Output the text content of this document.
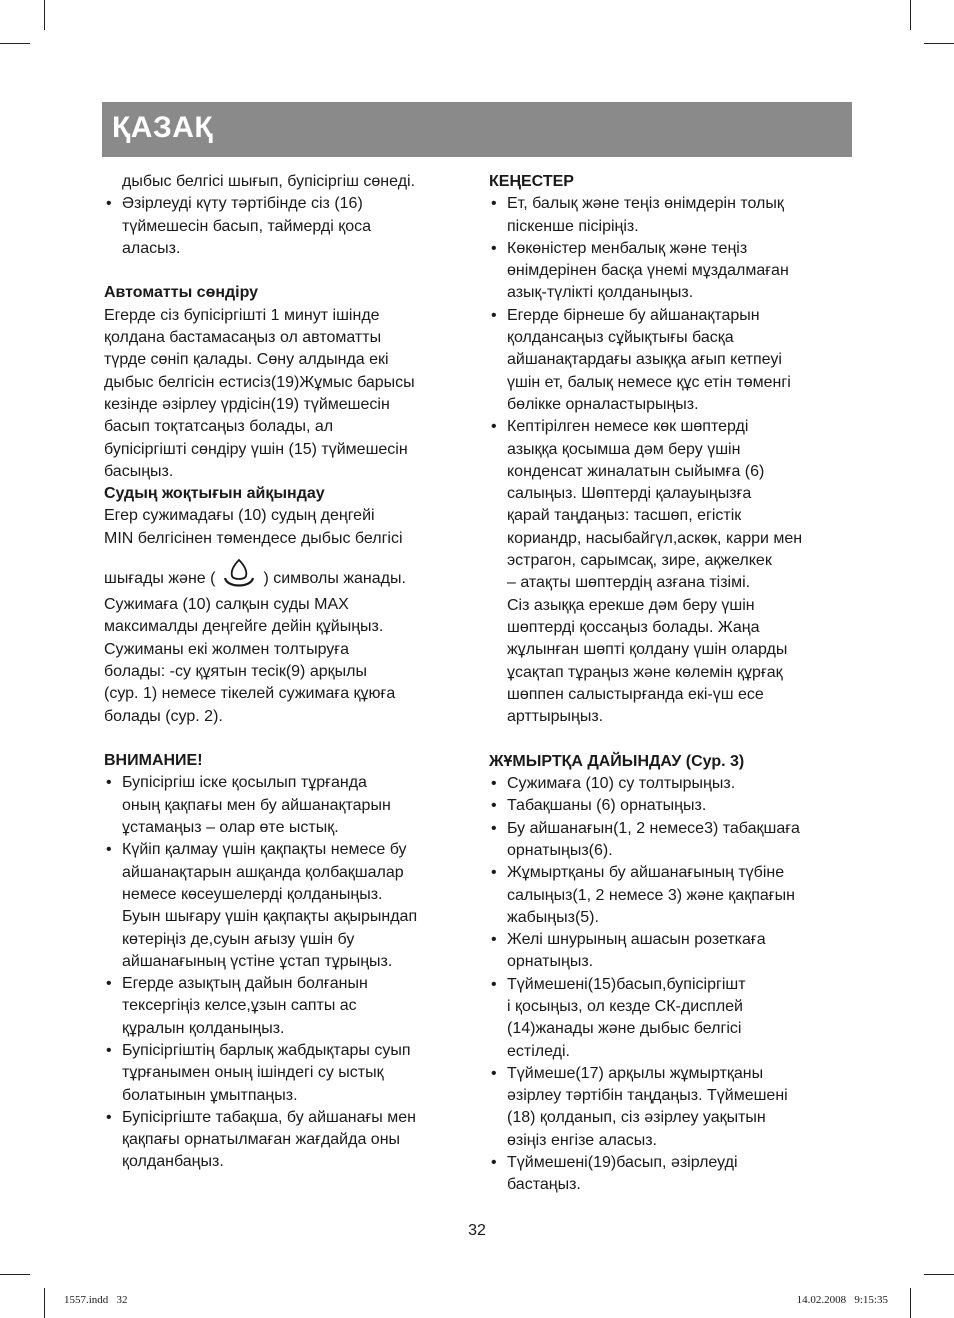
ҚАЗАҚ
дыбыс белгісі шығып, бупісіргіш сөнеді.
• Әзірлеуді күту тәртібінде сіз (16)
түймешесін басып, таймерді қоса
аласыз.
Автоматты сөндіру
Егерде сіз бупісіргішті 1 минут ішінде
қолдана бастамасаңыз ол автоматты
түрде сөніп қалады. Сөну алдында екі
дыбыс белгісін естисіз(19)Жұмыс барысы
кезінде әзірлеу үрдісін(19) түймешесін
басып тоқтатсаңыз болады, ал
бупісіргішті сөндіру үшін (15) түймешесін
басыңыз.
Судың жоқтығын айқындау
Егер сужимадағы (10) судың деңгейі
MIN белгісінен төмендесе дыбыс белгісі
шығады және (	) символы жанады.
Сужимаға (10) салқын суды MAX
максималды деңгейге дейін құйыңыз.
Сужиманы екі жолмен толтыруға
болады: -су құятын тесік(9) арқылы
(сур. 1) немесе тікелей сужимаға құюға
болады (сур. 2).
ВНИМАНИЕ!
• Бупісіргіш іске қосылып тұрғанда
оның қақпағы мен бу айшанақтарын
ұстамаңыз – олар өте ыстық.
• Күйіп қалмау үшін қақпақты немесе бу
айшанақтарын ашқанда қолбақшалар
немесе көсеушелерді қолданыңыз.
Буын шығару үшін қақпақты ақырындап
көтеріңіз де,суын ағызу үшін бу
айшанағының үстіне ұстап тұрыңыз.
• Егерде азықтың дайын болғанын
тексергіңіз келсе,ұзын сапты ас
құралын қолданыңыз.
• Бупісіргіштің барлық жабдықтары суып
тұрғанымен оның ішіндегі су ыстық
болатынын ұмытпаңыз.
• Бупісіргіште табақша, бу айшанағы мен
қақпағы орнатылмаған жағдайда оны
қолданбаңыз.
КЕҢЕСТЕР
• Ет, балық және теңіз өнімдерін толық
піскенше пісіріңіз.
• Көкөністер менбалық және теңіз
өнімдерінен басқа үнемі мұздалмаған
азық-түлікті қолданыңыз.
• Егерде бірнеше бу айшанақтарын
қолдансаңыз сұйықтығы басқа
айшанақтардағы азыққа ағып кетпеуі
үшін ет, балық немесе құс етін төменгі
бөлікке орналастырыңыз.
• Кептірілген немесе көк шөптерді
азыққа қосымша дәм беру үшін
конденсат жиналатын сыйымға (6)
салыңыз. Шөптерді қалауыңызға
қарай таңдаңыз: тасшөп, егістік
кориандр, насыбайгүл,аскөк, карри мен
эстрагон, сарымсақ, зире, ақжелкек
– атақты шөптердің азғана тізімі.
Сіз азыққа ерекше дәм беру үшін
шөптерді қоссаңыз болады. Жаңа
жұлынған шөпті қолдану үшін оларды
ұсақтап тұраңыз және көлемін құрғақ
шөппен салыстырғанда екі-үш есе
арттырыңыз.
ЖҰМЫРТҚА ДАЙЫНДАУ (Сур. 3)
• Сужимаға (10) су толтырыңыз.
• Табақшаны (6) орнатыңыз.
• Бу айшанағын(1, 2 немесе3) табақшаға
орнатыңыз(6).
• Жұмыртқаны бу айшанағының түбіне
салыңыз(1, 2 немесе 3) және қақпағын
жабыңыз(5).
• Желі шнурының ашасын розеткаға
орнатыңыз.
• Түймешені(15)басып,бупісіргішт
і қосыңыз, ол кезде СК-дисплей
(14)жанады және дыбыс белгісі
естіледі.
• Түймеше(17) арқылы жұмыртқаны
әзірлеу тәртібін таңдаңыз. Түймешені
(18) қолданып, сіз әзірлеу уақытын
өзіңіз енгізе аласыз.
• Түймешені(19)басып, әзірлеуді
бастаңыз.
32
1557.indd   32	14.02.2008   9:15:35
